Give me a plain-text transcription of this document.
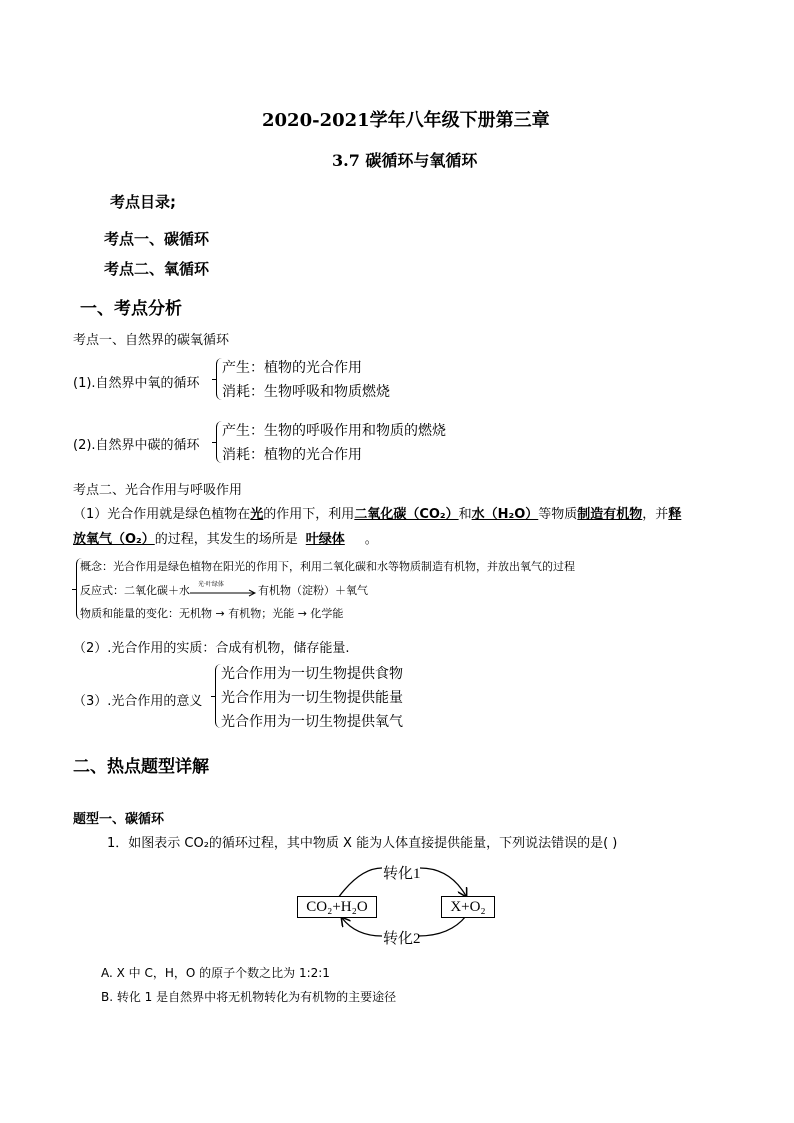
2020-2021学年八年级下册第三章
3.7 碳循环与氧循环
考点目录;
考点一、碳循环
考点二、氧循环
一、考点分析
考点一、自然界的碳氧循环
(1).自然界中氧的循环
产生：植物的光合作用
消耗：生物呼吸和物质燃烧
(2).自然界中碳的循环
产生：生物的呼吸作用和物质的燃烧
消耗：植物的光合作用
考点二、光合作用与呼吸作用
（1）光合作用就是绿色植物在光的作用下，利用二氧化碳（CO₂）和水（H₂O）等物质制造有机物，并释
放氧气（O₂）的过程，其发生的场所是 叶绿体 。
概念：光合作用是绿色植物在阳光的作用下，利用二氧化碳和水等物质制造有机物，并放出氧气的过程
反应式：二氧化碳＋水 光·叶绿体	有机物（淀粉）＋氧气
物质和能量的变化：无机物 → 有机物；光能 → 化学能
（2）.光合作用的实质：合成有机物，储存能量.
（3）.光合作用的意义
光合作用为一切生物提供食物
光合作用为一切生物提供能量
光合作用为一切生物提供氧气
二、热点题型详解
题型一、碳循环
1．如图表示 CO₂的循环过程，其中物质 X 能为人体直接提供能量，下列说法错误的是( )
转化1
转化2
CO₂+H₂O	X+O₂
A. X 中 C，H，O 的原子个数之比为 1:2:1
B. 转化 1 是自然界中将无机物转化为有机物的主要途径
